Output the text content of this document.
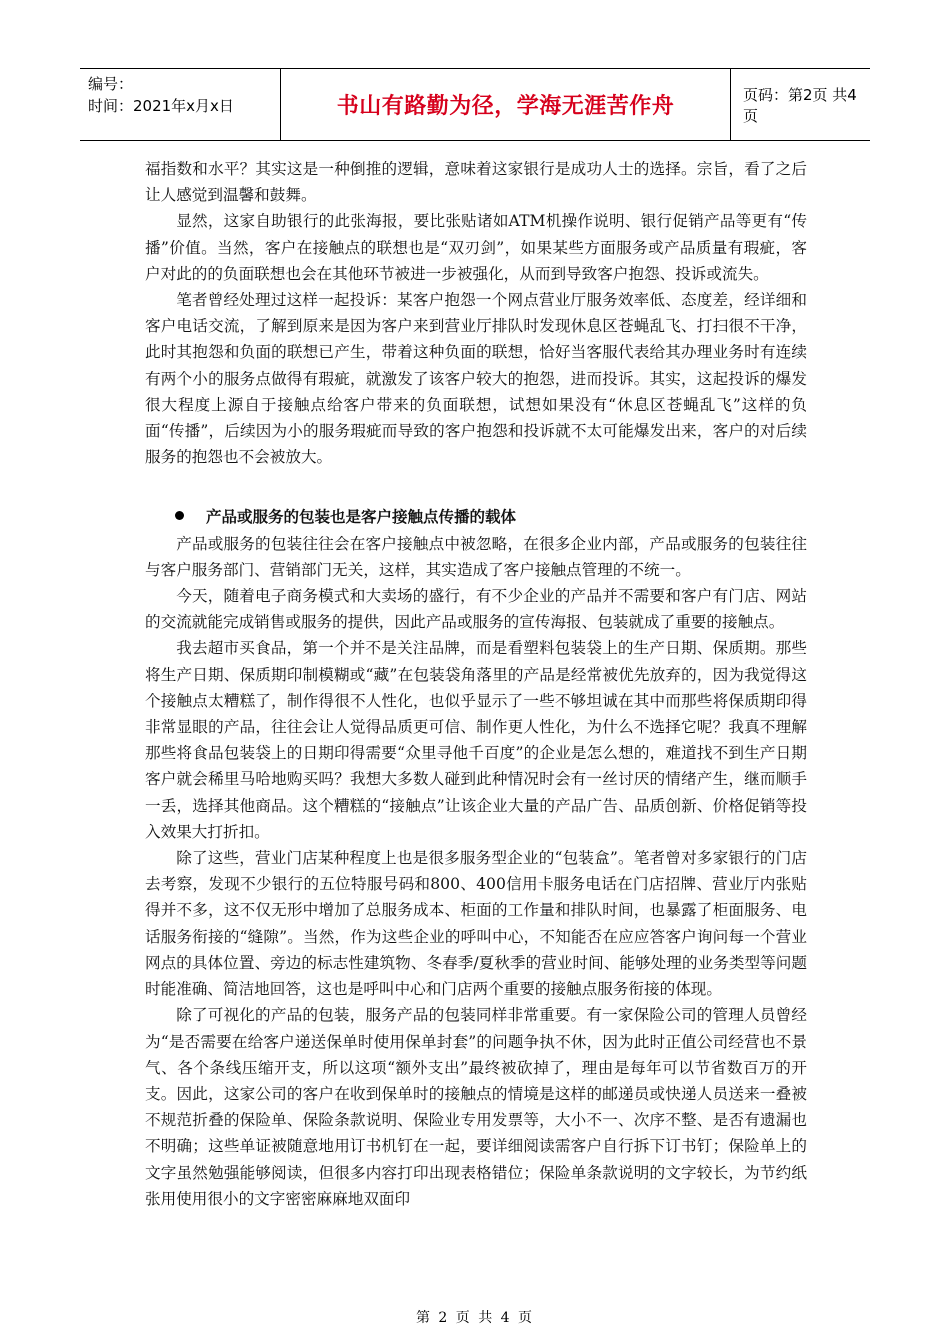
编号：
时间：2021年x月x日	书山有路勤为径，学海无涯苦作舟	页码：第2页 共4页

福指数和水平？其实这是一种倒推的逻辑，意味着这家银行是成功人士的选择。宗旨，看了之后让人感觉到温馨和鼓舞。

显然，这家自助银行的此张海报，要比张贴诸如ATM机操作说明、银行促销产品等更有“传播”价值。当然，客户在接触点的联想也是“双刃剑”，如果某些方面服务或产品质量有瑕疵，客户对此的的负面联想也会在其他环节被进一步被强化，从而到导致客户抱怨、投诉或流失。

笔者曾经处理过这样一起投诉：某客户抱怨一个网点营业厅服务效率低、态度差，经详细和客户电话交流，了解到原来是因为客户来到营业厅排队时发现休息区苍蝇乱飞、打扫很不干净，此时其抱怨和负面的联想已产生，带着这种负面的联想，恰好当客服代表给其办理业务时有连续有两个小的服务点做得有瑕疵，就激发了该客户较大的抱怨，进而投诉。其实，这起投诉的爆发很大程度上源自于接触点给客户带来的负面联想，试想如果没有“休息区苍蝇乱飞”这样的负面“传播”，后续因为小的服务瑕疵而导致的客户抱怨和投诉就不太可能爆发出来，客户的对后续服务的抱怨也不会被放大。

产品或服务的包装也是客户接触点传播的载体

产品或服务的包装往往会在客户接触点中被忽略，在很多企业内部，产品或服务的包装往往与客户服务部门、营销部门无关，这样，其实造成了客户接触点管理的不统一。

今天，随着电子商务模式和大卖场的盛行，有不少企业的产品并不需要和客户有门店、网站的交流就能完成销售或服务的提供，因此产品或服务的宣传海报、包装就成了重要的接触点。

我去超市买食品，第一个并不是关注品牌，而是看塑料包装袋上的生产日期、保质期。那些将生产日期、保质期印制模糊或“藏”在包装袋角落里的产品是经常被优先放弃的，因为我觉得这个接触点太糟糕了，制作得很不人性化，也似乎显示了一些不够坦诚在其中而那些将保质期印得非常显眼的产品，往往会让人觉得品质更可信、制作更人性化，为什么不选择它呢？我真不理解那些将食品包装袋上的日期印得需要“众里寻他千百度”的企业是怎么想的，难道找不到生产日期客户就会稀里马哈地购买吗？我想大多数人碰到此种情况时会有一丝讨厌的情绪产生，继而顺手一丢，选择其他商品。这个糟糕的“接触点”让该企业大量的产品广告、品质创新、价格促销等投入效果大打折扣。

除了这些，营业门店某种程度上也是很多服务型企业的“包装盒”。笔者曾对多家银行的门店去考察，发现不少银行的五位特服号码和800、400信用卡服务电话在门店招牌、营业厅内张贴得并不多，这不仅无形中增加了总服务成本、柜面的工作量和排队时间，也暴露了柜面服务、电话服务衔接的“缝隙”。当然，作为这些企业的呼叫中心，不知能否在应应答客户询问每一个营业网点的具体位置、旁边的标志性建筑物、冬春季/夏秋季的营业时间、能够处理的业务类型等问题时能准确、简洁地回答，这也是呼叫中心和门店两个重要的接触点服务衔接的体现。

除了可视化的产品的包装，服务产品的包装同样非常重要。有一家保险公司的管理人员曾经为“是否需要在给客户递送保单时使用保单封套”的问题争执不休，因为此时正值公司经营也不景气、各个条线压缩开支，所以这项“额外支出”最终被砍掉了，理由是每年可以节省数百万的开支。因此，这家公司的客户在收到保单时的接触点的情境是这样的邮递员或快递人员送来一叠被不规范折叠的保险单、保险条款说明、保险业专用发票等，大小不一、次序不整、是否有遗漏也不明确；这些单证被随意地用订书机钉在一起，要详细阅读需客户自行拆下订书钉；保险单上的文字虽然勉强能够阅读，但很多内容打印出现表格错位；保险单条款说明的文字较长，为节约纸张用使用很小的文字密密麻麻地双面印

第 2 页 共 4 页
